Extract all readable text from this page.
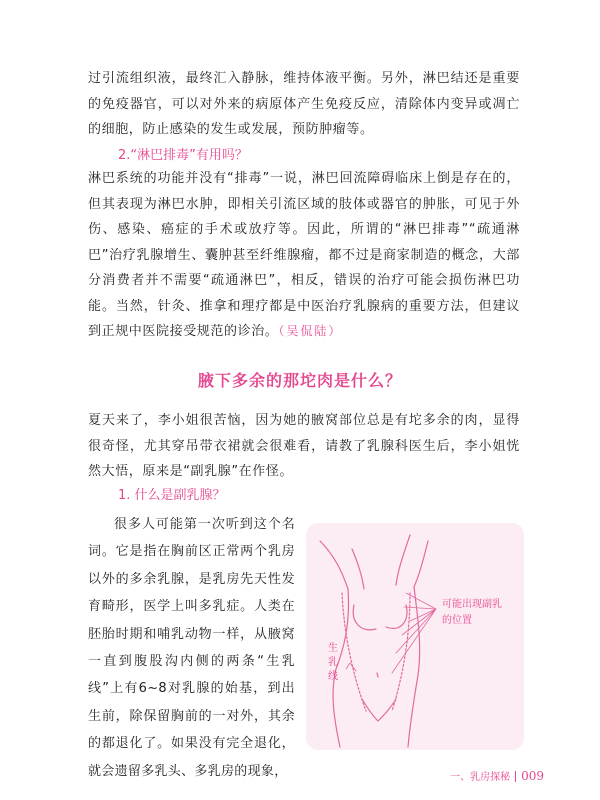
过引流组织液，最终汇入静脉，维持体液平衡。另外，淋巴结还是重要的免疫器官，可以对外来的病原体产生免疫反应，清除体内变异或凋亡的细胞，防止感染的发生或发展，预防肿瘤等。

2.“淋巴排毒”有用吗？

淋巴系统的功能并没有“排毒”一说，淋巴回流障碍临床上倒是存在的，但其表现为淋巴水肿，即相关引流区域的肢体或器官的肿胀，可见于外伤、感染、癌症的手术或放疗等。因此，所谓的“淋巴排毒”“疏通淋巴”治疗乳腺增生、囊肿甚至纤维腺瘤，都不过是商家制造的概念，大部分消费者并不需要“疏通淋巴”，相反，错误的治疗可能会损伤淋巴功能。当然，针灸、推拿和理疗都是中医治疗乳腺病的重要方法，但建议到正规中医院接受规范的诊治。（吴侃陆）

腋下多余的那坨肉是什么？

夏天来了，李小姐很苦恼，因为她的腋窝部位总是有坨多余的肉，显得很奇怪，尤其穿吊带衣裙就会很难看，请教了乳腺科医生后，李小姐恍然大悟，原来是“副乳腺”在作怪。

1. 什么是副乳腺？

很多人可能第一次听到这个名词。它是指在胸前区正常两个乳房以外的多余乳腺，是乳房先天性发育畸形，医学上叫多乳症。人类在胚胎时期和哺乳动物一样，从腋窝一直到腹股沟内侧的两条“生乳线”上有6~8对乳腺的始基，到出生前，除保留胸前的一对外，其余的都退化了。如果没有完全退化，就会遗留多乳头、多乳房的现象，

可能出现副乳
的位置
生
乳
线
一、乳房探秘 009
